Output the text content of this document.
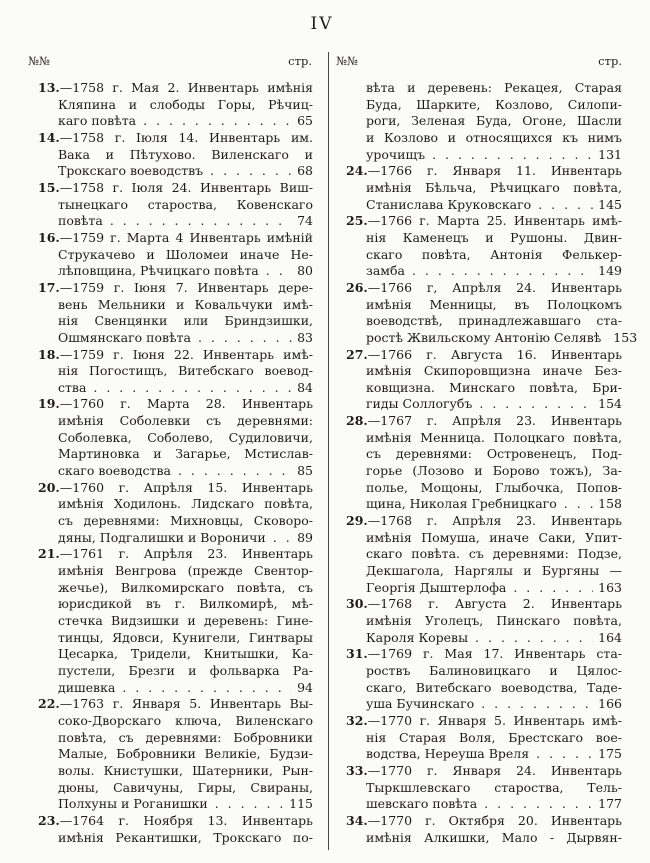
IV
№№	стр. №№	стр.
13.—1758 г. Мая 2. Инвентарь имѣнія
Кляпина и слободы Горы, Рѣчиц-
каго повѣта . . .	65
14.—1758 г. Іюля 14. Инвентарь им.
Вака и Пѣтухово. Виленскаго и
Трокскаго воеводствъ . . .	68
15.—1758 г. Іюля 24. Инвентарь Виш-
тынецкаго староства, Ковенскаго
повѣта . . .	74
16.—1759 г. Марта 4 Инвентарь имѣній
Струкачево и Шоломеи иначе Не-
лѣповщина, Рѣчицкаго повѣта . . .	80
17.—1759 г. Іюня 7. Инвентарь дере-
вень Мельники и Ковальчуки имѣ-
нія Свенцянки или Бриндзишки,
Ошмянскаго повѣта . . .	83
18.—1759 г. Іюня 22. Инвентарь имѣ-
нія Погостищъ, Витебскаго воевод-
ства . . .	84
19.—1760 г. Марта 28. Инвентарь
имѣнія Соболевки съ деревнями:
Соболевка, Соболево, Судиловичи,
Мартиновка и Загарье, Мстислав-
скаго воеводства . . .	85
20.—1760 г. Апрѣля 15. Инвентарь
имѣнія Ходилонь. Лидскаго повѣта,
съ деревнями: Михновцы, Сковоро-
дяны, Подгалишки и Вороничи . . .	89
21.—1761 г. Апрѣля 23. Инвентарь
имѣнія Венгрова (прежде Свентор-
жечье), Вилкомирскаго повѣта, съ
юрисдикой въ г. Вилкомирѣ, мѣ-
стечка Видзишки и деревень: Гине-
тинцы, Ядовси, Кунигели, Гинтвары
Цесарка, Тридели, Книтышки, Ка-
пустели, Брезги и фольварка Ра-
дишевка . . .	94
22.—1763 г. Января 5. Инвентарь Вы-
соко-Дворскаго ключа, Виленскаго
повѣта, съ деревнями: Бобровники
Малые, Бобровники Великіе, Будзи-
волы. Книстушки, Шатерники, Рын-
дюны, Савичуны, Гиры, Свираны,
Полхуны и Роганишки . . .	115
23.—1764 г. Ноября 13. Инвентарь
имѣнія Рекантишки, Трокскаго по-
вѣта и деревень: Рекацея, Старая
Буда, Шарките, Козлово, Силопи-
роги, Зеленая Буда, Огоне, Шасли
и Козлово и относящихся къ нимъ
урочищъ . . .	131
24.—1766 г. Января 11. Инвентарь
имѣнія Бѣльча, Рѣчицкаго повѣта,
Станислава Круковскаго . . .	145
25.—1766 г. Марта 25. Инвентарь имѣ-
нія Каменецъ и Рушоны. Двин-
скаго повѣта, Антонія Фелькер-
замба . . .	149
26.—1766 г, Апрѣля 24. Инвентарь
имѣнія Менницы, въ Полоцкомъ
воеводствѣ, принадлежавшаго ста-
ростѣ Жвильскому Антонію Селявѣ 153
27.—1766 г. Августа 16. Инвентарь
имѣнія Скипоровщизна иначе Без-
ковщизна. Минскаго повѣта, Бри-
гиды Соллогубъ . . .	154
28.—1767 г. Апрѣля 23. Инвентарь
имѣнія Менница. Полоцкаго повѣта,
съ деревнями: Островенецъ, Под-
горье (Лозово и Борово тожъ), За-
полье, Мощоны, Глыбочка, Попов-
щина, Николая Гребницкаго . . .	158
29.—1768 г. Апрѣля 23. Инвентарь
имѣнія Помуша, иначе Саки, Упит-
скаго повѣта. съ деревнями: Подзе,
Декшагола, Наргялы и Бургяны —
Георгія Дыштерлофа . . .	163
30.—1768 г. Августа 2. Инвентарь
имѣнія Уголецъ, Пинскаго повѣта,
Кароля Коревы . . .	164
31.—1769 г. Мая 17. Инвентарь ста-
роствъ Балиновицкаго и Цялос-
скаго, Витебскаго воеводства, Таде-
уша Бучинскаго . . .	166
32.—1770 г. Января 5. Инвентарь имѣ-
нія Старая Воля, Брестскаго вое-
водства, Нереуша Вреля . . .	175
33.—1770 г. Января 24. Инвентарь
Тыркшлевскаго староства, Тель-
шевскаго повѣта . . .	177
34.—1770 г. Октября 20. Инвентарь
имѣнія Алкишки, Мало - Дырвян-
